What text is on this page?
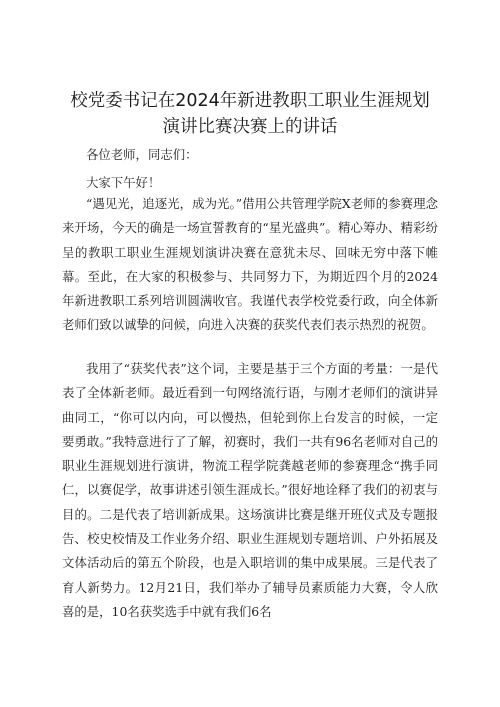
校党委书记在2024年新进教职工职业生涯规划
演讲比赛决赛上的讲话

各位老师，同志们：

大家下午好！

“遇见光，追逐光，成为光。”借用公共管理学院X老师的参赛理念来开场，今天的确是一场宣誓教育的“星光盛典”。精心筹办、精彩纷呈的教职工职业生涯规划演讲决赛在意犹未尽、回味无穷中落下帷幕。至此，在大家的积极参与、共同努力下，为期近四个月的2024年新进教职工系列培训圆满收官。我谨代表学校党委行政，向全体新老师们致以诚挚的问候，向进入决赛的获奖代表们表示热烈的祝贺。

我用了“获奖代表”这个词，主要是基于三个方面的考量：一是代表了全体新老师。最近看到一句网络流行语，与刚才老师们的演讲异曲同工，“你可以内向，可以慢热，但轮到你上台发言的时候，一定要勇敢。”我特意进行了了解，初赛时，我们一共有96名老师对自己的职业生涯规划进行演讲，物流工程学院龚越老师的参赛理念“携手同仁，以赛促学，故事讲述引领生涯成长。”很好地诠释了我们的初衷与目的。二是代表了培训新成果。这场演讲比赛是继开班仪式及专题报告、校史校情及工作业务介绍、职业生涯规划专题培训、户外拓展及文体活动后的第五个阶段，也是入职培训的集中成果展。三是代表了育人新势力。12月21日，我们举办了辅导员素质能力大赛，令人欣喜的是，10名获奖选手中就有我们6名
